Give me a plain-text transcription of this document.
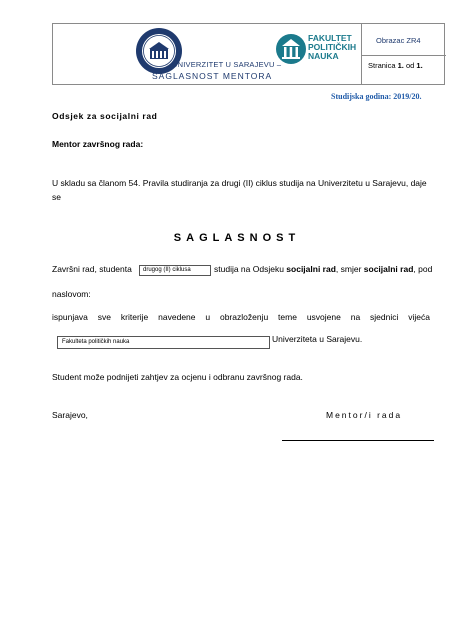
FAKULTET
POLITIČKIH
NAUKA
UNIVERZITET U SARAJEVU –
SAGLASNOST MENTORA
Obrazac ZR4
Stranica 1. od 1.
Studijska godina: 2019/20.
Odsjek za socijalni rad
Mentor završnog rada:
U skladu sa članom 54. Pravila studiranja za drugi (II) ciklus studija na Univerzitetu u Sarajevu, daje se
SAGLASNOST
Završni rad, studenta	drugog (II) ciklusa	studija na Odsjeku socijalni rad, smjer socijalni rad, pod
naslovom:
ispunjava sve kriterije navedene u obrazloženju teme usvojene na sjednici vijeća
Fakulteta političkih nauka	Univerziteta u Sarajevu.
Student može podnijeti zahtjev za ocjenu i odbranu završnog rada.
Sarajevo,	Mentor/i rada
